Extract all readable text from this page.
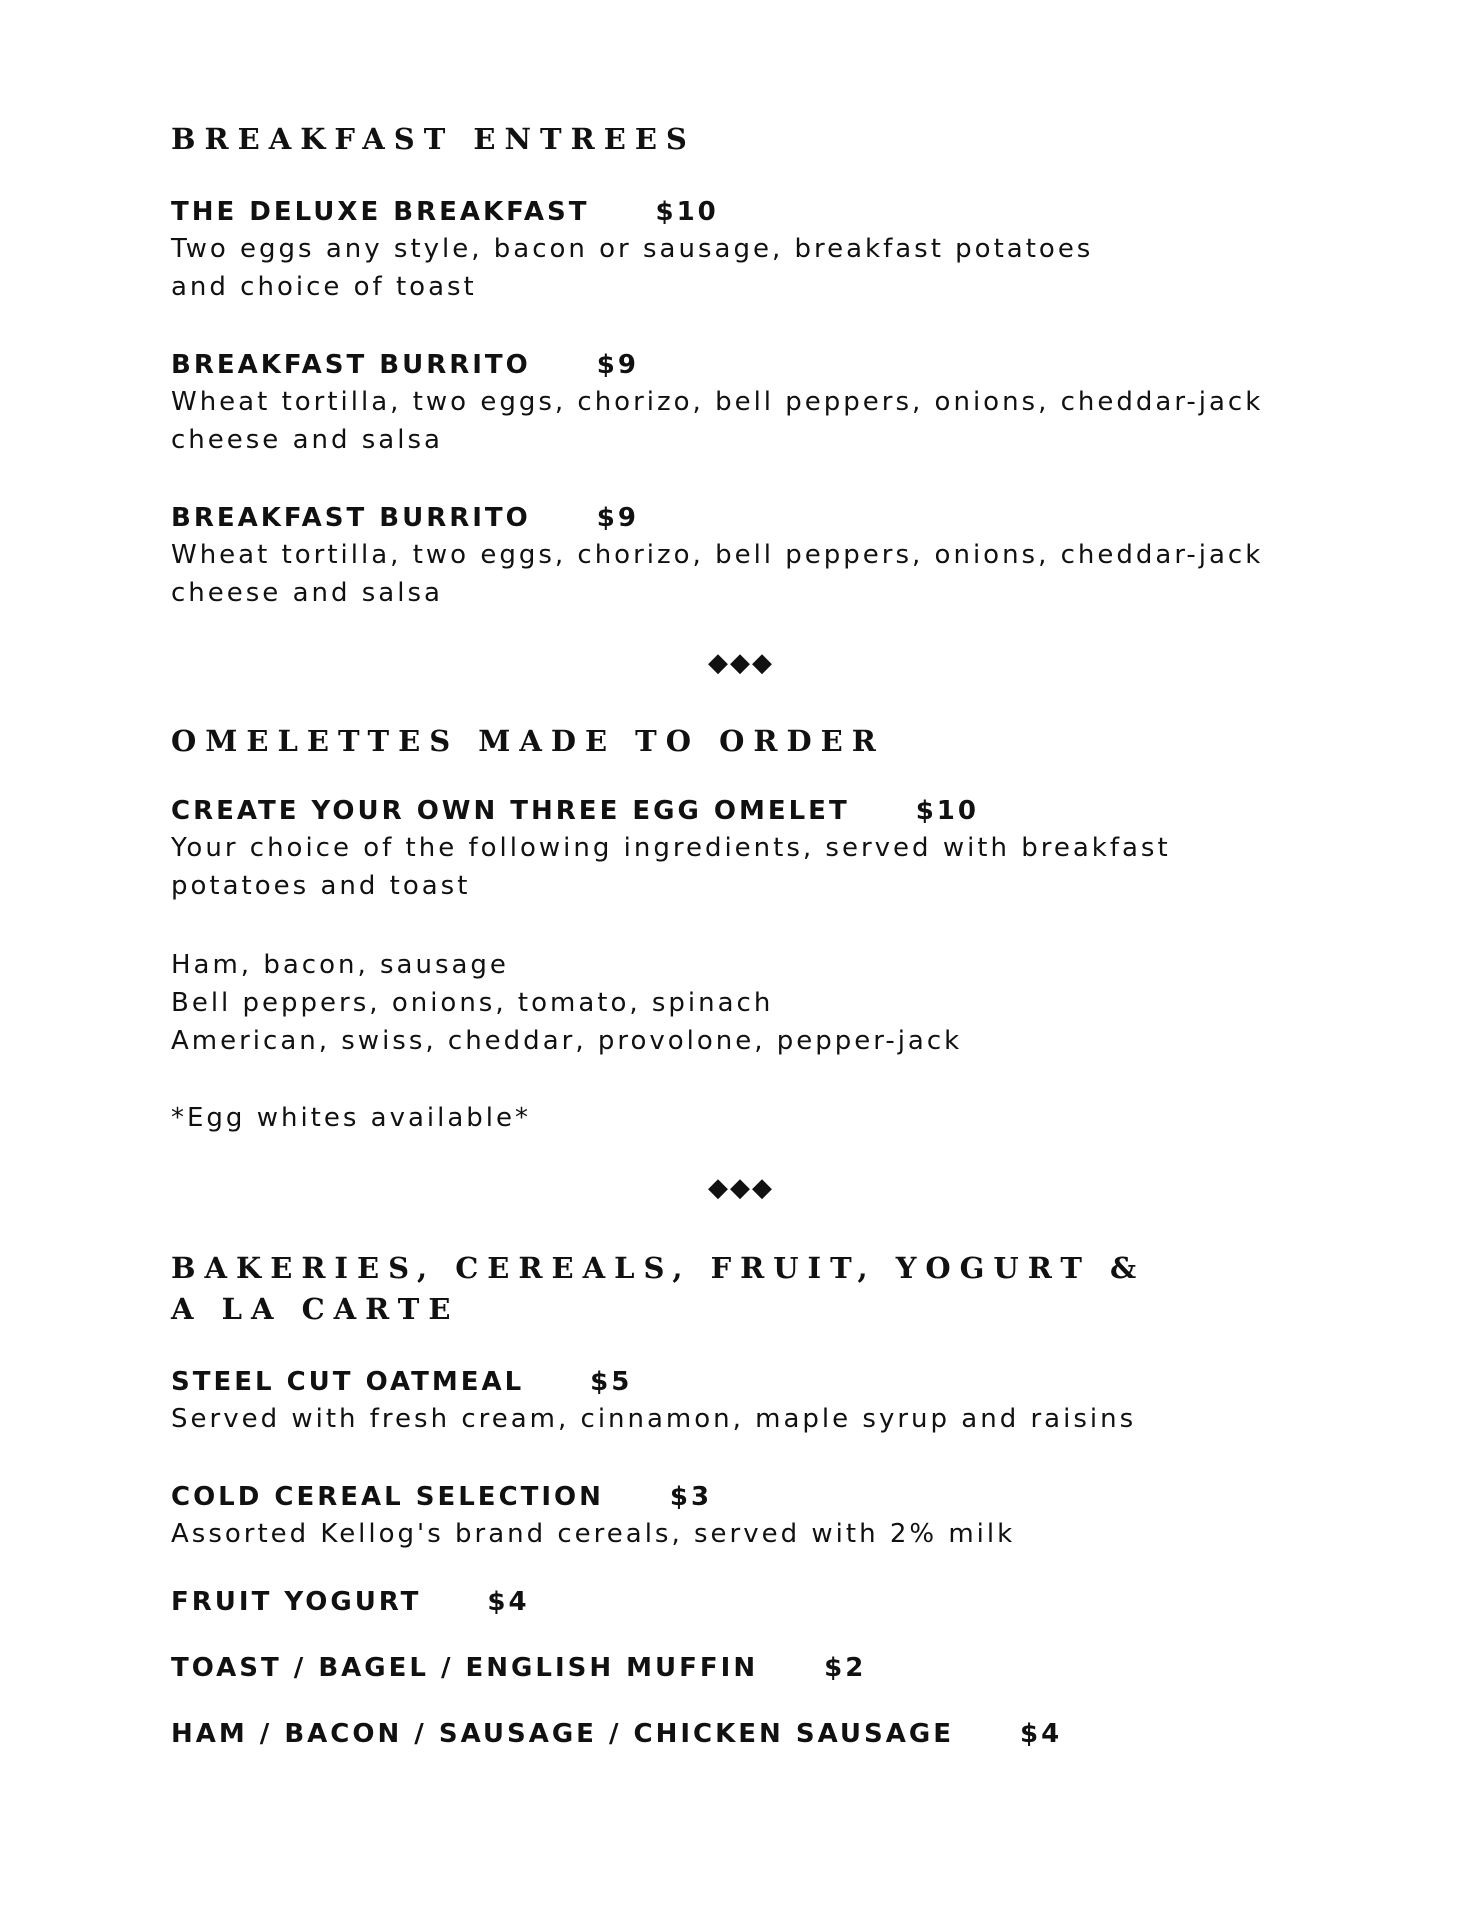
BREAKFAST ENTREES

THE DELUXE BREAKFAST	$10

Two eggs any style, bacon or sausage, breakfast potatoes

and choice of toast

BREAKFAST BURRITO	$9

Wheat tortilla, two eggs, chorizo, bell peppers, onions, cheddar-jack

cheese and salsa

BREAKFAST BURRITO	$9

Wheat tortilla, two eggs, chorizo, bell peppers, onions, cheddar-jack

cheese and salsa

◆◆◆
OMELETTES MADE TO ORDER

CREATE YOUR OWN THREE EGG OMELET	$10

Your choice of the following ingredients, served with breakfast

potatoes and toast

Ham, bacon, sausage

Bell peppers, onions, tomato, spinach

American, swiss, cheddar, provolone, pepper-jack

*Egg whites available*

◆◆◆
BAKERIES, CEREALS, FRUIT, YOGURT &
A LA CARTE

STEEL CUT OATMEAL	$5

Served with fresh cream, cinnamon, maple syrup and raisins

COLD CEREAL SELECTION	$3

Assorted Kellog's brand cereals, served with 2% milk

FRUIT YOGURT	$4

TOAST / BAGEL / ENGLISH MUFFIN	$2

HAM / BACON / SAUSAGE / CHICKEN SAUSAGE	$4
